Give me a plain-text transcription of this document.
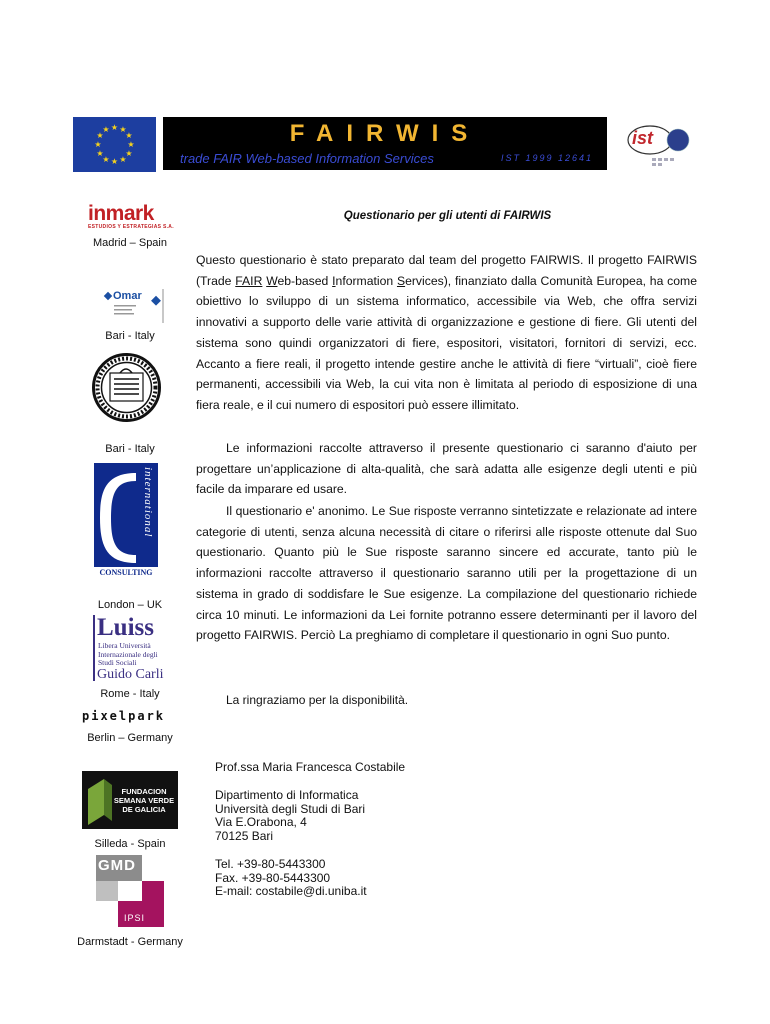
★ ★
★
★
★
★
★
★
★
★
★
★	FAIRWIS
trade FAIR Web-based Information Services	IST 1999 12641
ist
inmark
ESTUDIOS Y ESTRATEGIAS S.A.
Madrid – Spain
Omar
Bari - Italy
Bari - Italy
international
CONSULTING
London – UK
Luiss
Libera Università Internazionale degli Studi Sociali
Guido Carli
Rome - Italy
pixelpark
Berlin – Germany
FUNDACION
SEMANA VERDE
DE GALICIA
Silleda - Spain
GMD
IPSI
Darmstadt - Germany
Questionario per gli utenti di FAIRWIS

Questo questionario è stato preparato dal team del progetto FAIRWIS. Il progetto FAIRWIS (Trade FAIR Web-based Information Services), finanziato dalla Comunità Europea, ha come obiettivo lo sviluppo di un sistema informatico, accessibile via Web, che offra servizi innovativi a supporto delle varie attività di organizzazione e gestione di fiere. Gli utenti del sistema sono quindi organizzatori di fiere, espositori, visitatori, fornitori di servizi, ecc. Accanto a fiere reali, il progetto intende gestire anche le attività di fiere “virtuali”, cioè fiere permanenti, accessibili via Web, la cui vita non è limitata al periodo di esposizione di una fiera reale, e il cui numero di espositori può essere illimitato.

Le informazioni raccolte attraverso il presente questionario ci saranno d'aiuto per progettare un’applicazione di alta-qualità, che sarà adatta alle esigenze degli utenti e più facile da imparare ed usare.

Il questionario e' anonimo. Le Sue risposte verranno sintetizzate e relazionate ad intere categorie di utenti, senza alcuna necessità di citare o riferirsi alle risposte ottenute dal Suo questionario. Quanto più le Sue risposte saranno sincere ed accurate, tanto più le informazioni raccolte attraverso il questionario saranno utili per la progettazione di un sistema in grado di soddisfare le Sue esigenze. La compilazione del questionario richiede circa 10 minuti. Le informazioni da Lei fornite potranno essere determinanti per il lavoro del progetto FAIRWIS. Perciò La preghiamo di completare il questionario in ogni Suo punto.

La ringraziamo per la disponibilità.
Prof.ssa Maria Francesca Costabile
Dipartimento di Informatica
Università degli Studi di Bari
Via E.Orabona, 4
70125 Bari
Tel. +39-80-5443300
Fax. +39-80-5443300
E-mail: costabile@di.uniba.it
